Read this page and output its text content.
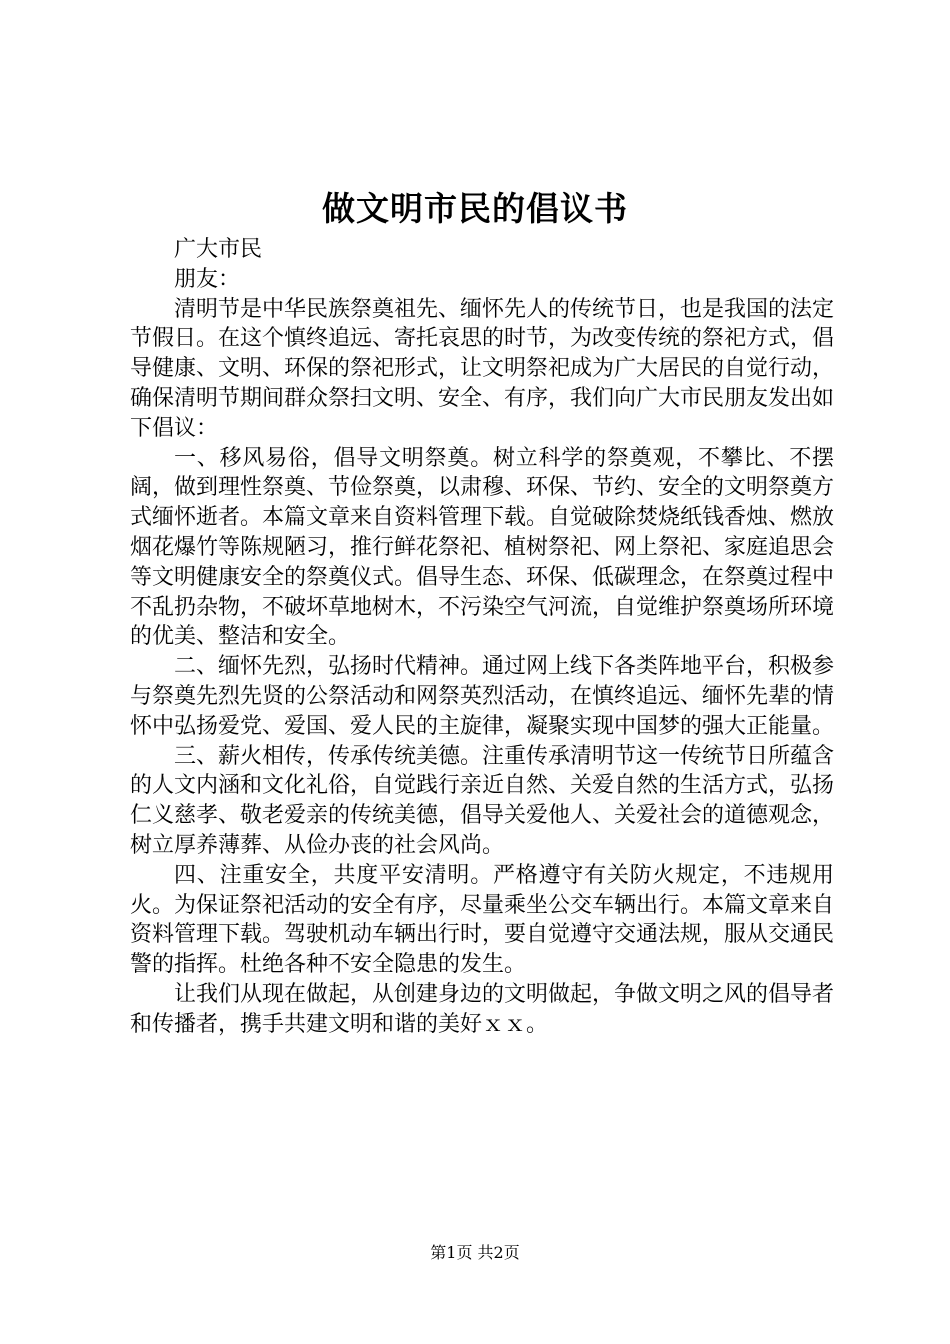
做文明市民的倡议书

广大市民

朋友：

清明节是中华民族祭奠祖先、缅怀先人的传统节日，也是我国的法定节假日。在这个慎终追远、寄托哀思的时节，为改变传统的祭祀方式，倡导健康、文明、环保的祭祀形式，让文明祭祀成为广大居民的自觉行动，确保清明节期间群众祭扫文明、安全、有序，我们向广大市民朋友发出如下倡议：

一、移风易俗，倡导文明祭奠。树立科学的祭奠观，不攀比、不摆阔，做到理性祭奠、节俭祭奠，以肃穆、环保、节约、安全的文明祭奠方式缅怀逝者。本篇文章来自资料管理下载。自觉破除焚烧纸钱香烛、燃放烟花爆竹等陈规陋习，推行鲜花祭祀、植树祭祀、网上祭祀、家庭追思会等文明健康安全的祭奠仪式。倡导生态、环保、低碳理念，在祭奠过程中不乱扔杂物，不破坏草地树木，不污染空气河流，自觉维护祭奠场所环境的优美、整洁和安全。

二、缅怀先烈，弘扬时代精神。通过网上线下各类阵地平台，积极参与祭奠先烈先贤的公祭活动和网祭英烈活动，在慎终追远、缅怀先辈的情怀中弘扬爱党、爱国、爱人民的主旋律，凝聚实现中国梦的强大正能量。

三、薪火相传，传承传统美德。注重传承清明节这一传统节日所蕴含的人文内涵和文化礼俗，自觉践行亲近自然、关爱自然的生活方式，弘扬仁义慈孝、敬老爱亲的传统美德，倡导关爱他人、关爱社会的道德观念，树立厚养薄葬、从俭办丧的社会风尚。

四、注重安全，共度平安清明。严格遵守有关防火规定，不违规用火。为保证祭祀活动的安全有序，尽量乘坐公交车辆出行。本篇文章来自资料管理下载。驾驶机动车辆出行时，要自觉遵守交通法规，服从交通民警的指挥。杜绝各种不安全隐患的发生。

让我们从现在做起，从创建身边的文明做起，争做文明之风的倡导者和传播者，携手共建文明和谐的美好ｘｘ。

第1页 共2页
